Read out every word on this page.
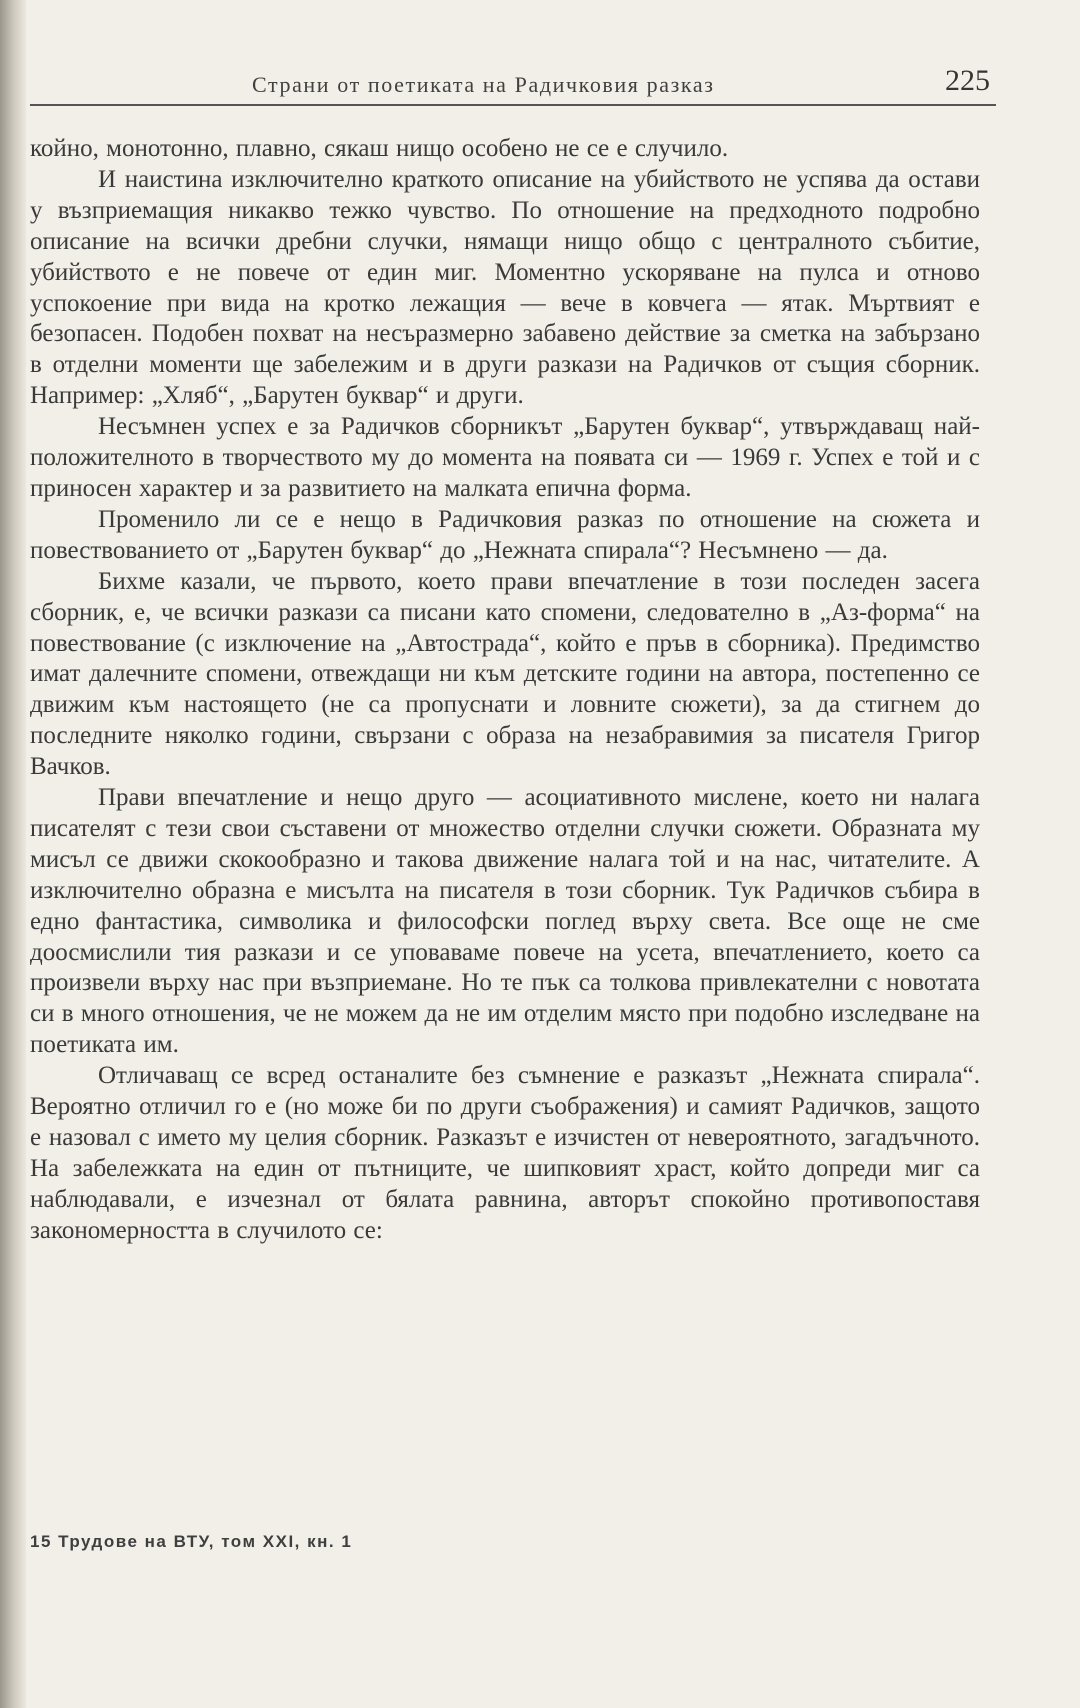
Страни от поетиката на Радичковия разказ	225

койно, монотонно, плавно, сякаш нищо особено не се е случило.

И наистина изключително краткото описание на убийството не успява да остави у възприемащия никакво тежко чувство. По отношение на предходното подробно описание на всички дребни случки, нямащи нищо общо с централното събитие, убийството е не повече от един миг. Моментно ускоряване на пулса и отново успокоение при вида на кротко лежащия — вече в ковчега — ятак. Мъртвият е безопасен. Подобен похват на несъразмерно забавено действие за сметка на забързано в отделни моменти ще забележим и в други разкази на Радичков от същия сборник. Например: „Хляб“, „Барутен буквар“ и други.

Несъмнен успех е за Радичков сборникът „Барутен буквар“, утвърждаващ най-положителното в творчеството му до момента на появата си — 1969 г. Успех е той и с приносен характер и за развитието на малката епична форма.

Променило ли се е нещо в Радичковия разказ по отношение на сюжета и повествованието от „Барутен буквар“ до „Нежната спирала“? Несъмнено — да.

Бихме казали, че първото, което прави впечатление в този последен засега сборник, е, че всички разкази са писани като спомени, следователно в „Аз-форма“ на повествование (с изключение на „Автострада“, който е пръв в сборника). Предимство имат далечните спомени, отвеждащи ни към детските години на автора, постепенно се движим към настоящето (не са пропуснати и ловните сюжети), за да стигнем до последните няколко години, свързани с образа на незабравимия за писателя Григор Вачков.

Прави впечатление и нещо друго — асоциативното мислене, което ни налага писателят с тези свои съставени от множество отделни случки сюжети. Образната му мисъл се движи скокообразно и такова движение налага той и на нас, читателите. А изключително образна е мисълта на писателя в този сборник. Тук Радичков събира в едно фантастика, символика и философски поглед върху света. Все още не сме доосмислили тия разкази и се уповаваме повече на усета, впечатлението, което са произвели върху нас при възприемане. Но те пък са толкова привлекателни с новотата си в много отношения, че не можем да не им отделим място при подобно изследване на поетиката им.

Отличаващ се всред останалите без съмнение е разказът „Нежната спирала“. Вероятно отличил го е (но може би по други съображения) и самият Радичков, защото е назовал с името му целия сборник. Разказът е изчистен от невероятното, загадъчното. На забележката на един от пътниците, че шипковият храст, който допреди миг са наблюдавали, е изчезнал от бялата равнина, авторът спокойно противопоставя закономерността в случилото се:

15 Трудове на ВТУ, том XXI, кн. 1
